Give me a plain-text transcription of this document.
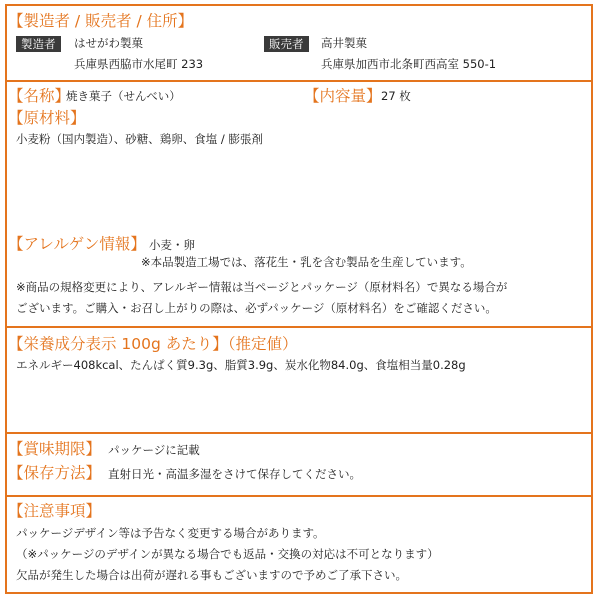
【製造者 / 販売者 / 住所】
製造者	はせがわ製菓
兵庫県西脇市水尾町 233
販売者	高井製菓
兵庫県加西市北条町西高室 550-1
【名称】
焼き菓子（せんべい）	【内容量】 27 枚
【原材料】
小麦粉（国内製造）、砂糖、鶏卵、食塩 / 膨張剤
【アレルゲン情報】 小麦・卵
※本品製造工場では、落花生・乳を含む製品を生産しています。
※商品の規格変更により、アレルギー情報は当ページとパッケージ（原材料名）で異なる場合が
ございます。ご購入・お召し上がりの際は、必ずパッケージ（原材料名）をご確認ください。
【栄養成分表示 100g あたり】（推定値）
エネルギー408kcal、たんぱく質9.3g、脂質3.9g、炭水化物84.0g、食塩相当量0.28g
【賞味期限】 パッケージに記載
【保存方法】 直射日光・高温多湿をさけて保存してください。
【注意事項】
パッケージデザイン等は予告なく変更する場合があります。
（※パッケージのデザインが異なる場合でも返品・交換の対応は不可となります）
欠品が発生した場合は出荷が遅れる事もございますので予めご了承下さい。
